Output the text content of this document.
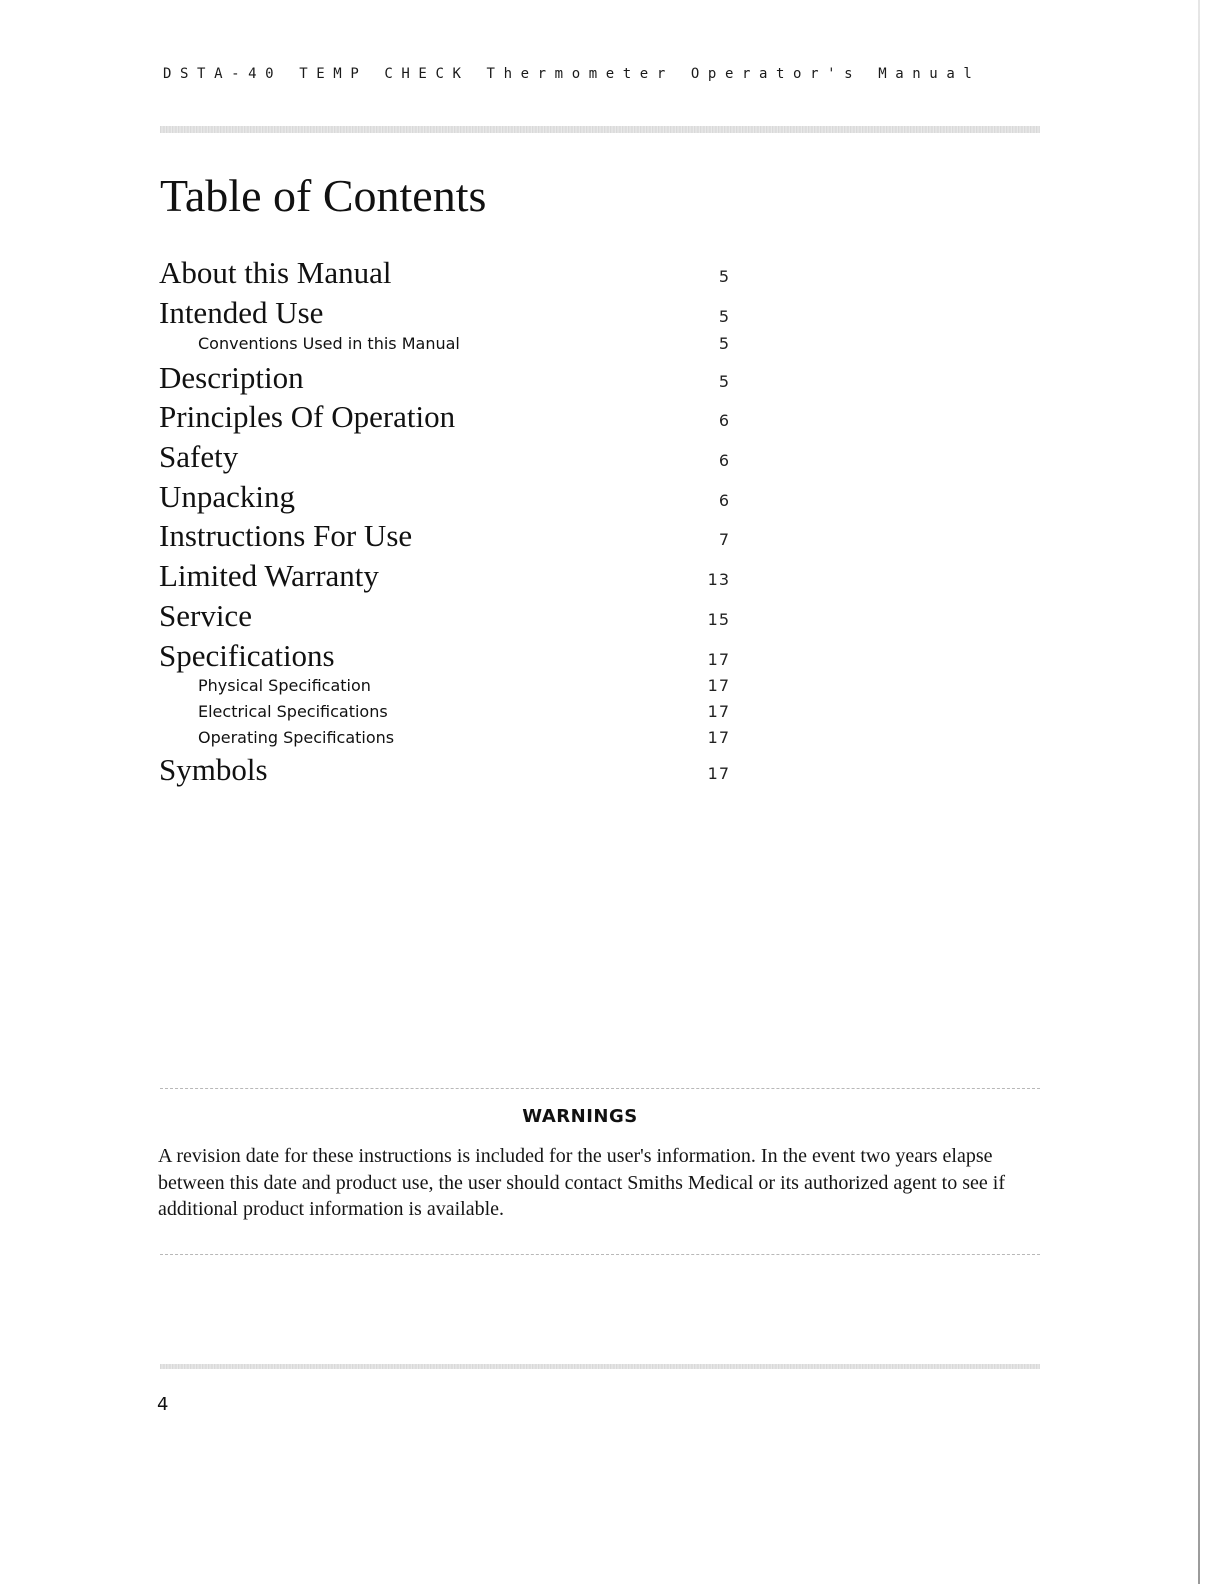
DSTA-40 TEMP CHECK Thermometer Operator's Manual
Table of Contents
About this Manual	5
Intended Use	5
Conventions Used in this Manual	5
Description	5
Principles Of Operation	6
Safety	6
Unpacking	6
Instructions For Use	7
Limited Warranty	13
Service	15
Specifications	17
Physical Specification	17
Electrical Specifications	17
Operating Specifications	17
Symbols	17
WARNINGS

A revision date for these instructions is included for the user's information. In the event two years elapse between this date and product use, the user should contact Smiths Medical or its authorized agent to see if additional product information is available.

4
